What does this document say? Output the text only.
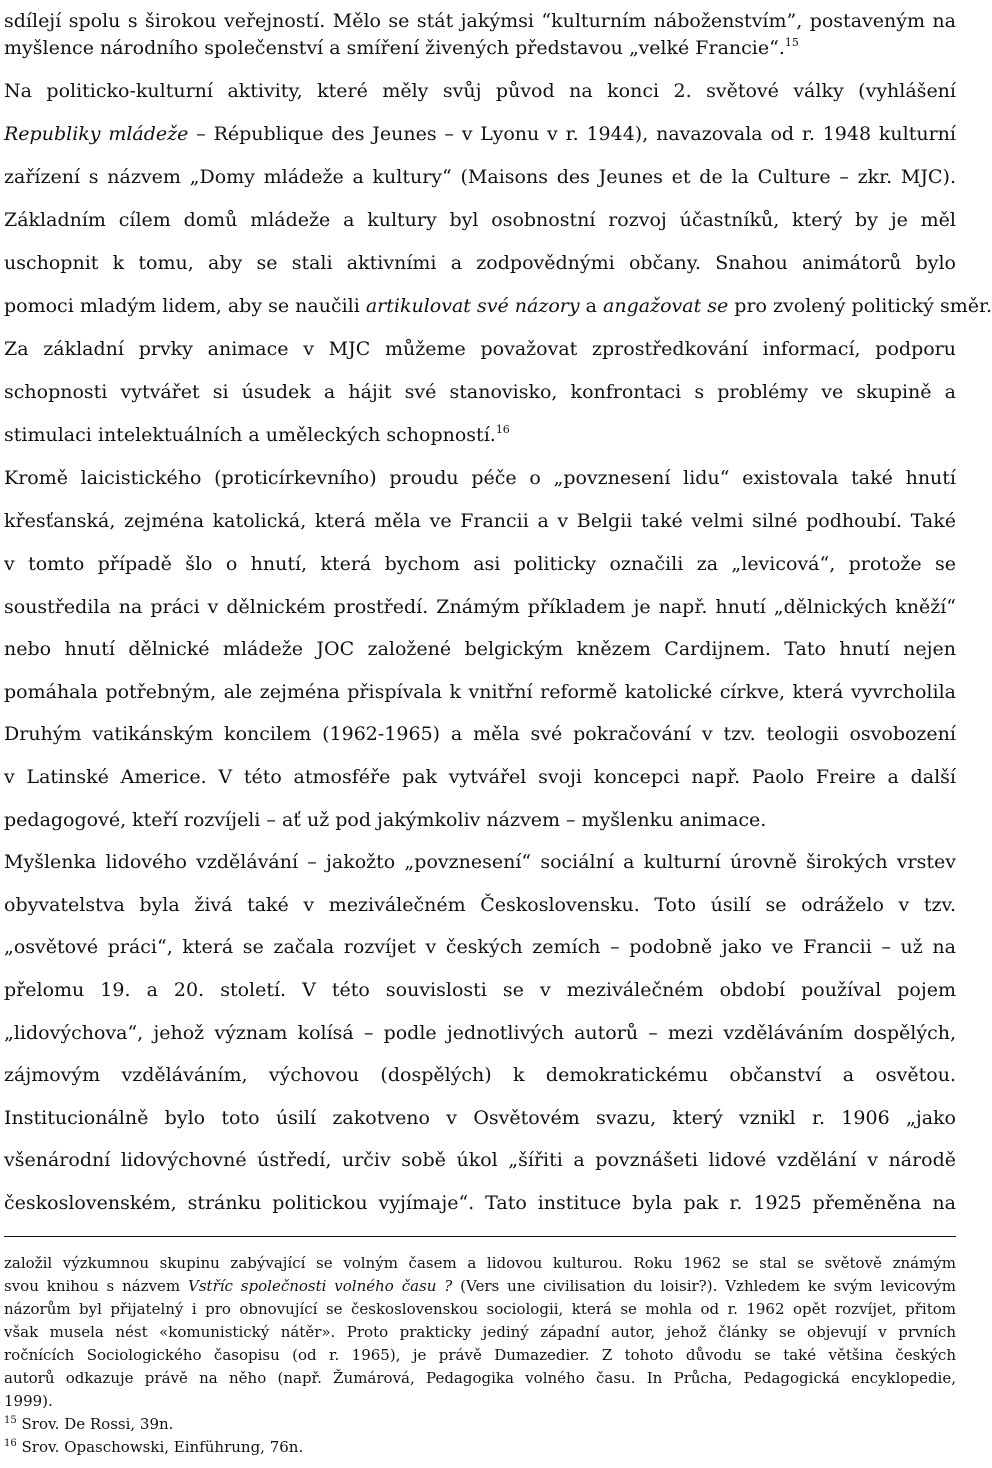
sdílejí spolu s širokou veřejností. Mělo se stát jakýmsi “kulturním náboženstvím”, postaveným na
myšlence národního společenství a smíření živených představou „velké Francie“.$^{15}$
Na politicko-kulturní aktivity, které měly svůj původ na konci 2. světové války (vyhlášení
Republiky mládeže – République des Jeunes – v Lyonu v r. 1944), navazovala od r. 1948 kulturní
zařízení s názvem „Domy mládeže a kultury“ (Maisons des Jeunes et de la Culture – zkr. MJC).
Základním cílem domů mládeže a kultury byl osobnostní rozvoj účastníků, který by je měl
uschopnit k tomu, aby se stali aktivními a zodpovědnými občany. Snahou animátorů bylo
pomoci mladým lidem, aby se naučili artikulovat své názory a angažovat se pro zvolený politický směr.
Za základní prvky animace v MJC můžeme považovat zprostředkování informací, podporu
schopnosti vytvářet si úsudek a hájit své stanovisko, konfrontaci s problémy ve skupině a
stimulaci intelektuálních a uměleckých schopností.$^{16}$
Kromě laicistického (proticírkevního) proudu péče o „povznesení lidu“ existovala také hnutí
křesťanská, zejména katolická, která měla ve Francii a v Belgii také velmi silné podhoubí. Také
v tomto případě šlo o hnutí, která bychom asi politicky označili za „levicová“, protože se
soustředila na práci v dělnickém prostředí. Známým příkladem je např. hnutí „dělnických kněží“
nebo hnutí dělnické mládeže JOC založené belgickým knězem Cardijnem. Tato hnutí nejen
pomáhala potřebným, ale zejména přispívala k vnitřní reformě katolické církve, která vyvrcholila
Druhým vatikánským koncilem (1962-1965) a měla své pokračování v tzv. teologii osvobození
v Latinské Americe. V této atmosféře pak vytvářel svoji koncepci např. Paolo Freire a další
pedagogové, kteří rozvíjeli – ať už pod jakýmkoliv názvem – myšlenku animace.
Myšlenka lidového vzdělávání – jakožto „povznesení“ sociální a kulturní úrovně širokých vrstev
obyvatelstva byla živá také v meziválečném Československu. Toto úsilí se odráželo v tzv.
„osvětové práci“, která se začala rozvíjet v českých zemích – podobně jako ve Francii – už na
přelomu 19. a 20. století. V této souvislosti se v meziválečném období používal pojem
„lidovýchova“, jehož význam kolísá – podle jednotlivých autorů – mezi vzděláváním dospělých,
zájmovým vzděláváním, výchovou (dospělých) k demokratickému občanství a osvětou.
Institucionálně bylo toto úsilí zakotveno v Osvětovém svazu, který vznikl r. 1906 „jako
všenárodní lidovýchovné ústředí, určiv sobě úkol „šířiti a povznášeti lidové vzdělání v národě
československém, stránku politickou vyjímaje“. Tato instituce byla pak r. 1925 přeměněna na
založil výzkumnou skupinu zabývající se volným časem a lidovou kulturou. Roku 1962 se stal se světově známým
svou knihou s názvem Vstříc společnosti volného času ? (Vers une civilisation du loisir?). Vzhledem ke svým levicovým
názorům byl přijatelný i pro obnovující se československou sociologii, která se mohla od r. 1962 opět rozvíjet, přitom
však musela nést «komunistický nátěr». Proto prakticky jediný západní autor, jehož články se objevují v prvních
ročnících Sociologického časopisu (od r. 1965), je právě Dumazedier. Z tohoto důvodu se také většina českých
autorů odkazuje právě na něho (např. Žumárová, Pedagogika volného času. In Průcha, Pedagogická encyklopedie,
1999).
$^{15}$ Srov. De Rossi, 39n.
$^{16}$ Srov. Opaschowski, Einführung, 76n.
